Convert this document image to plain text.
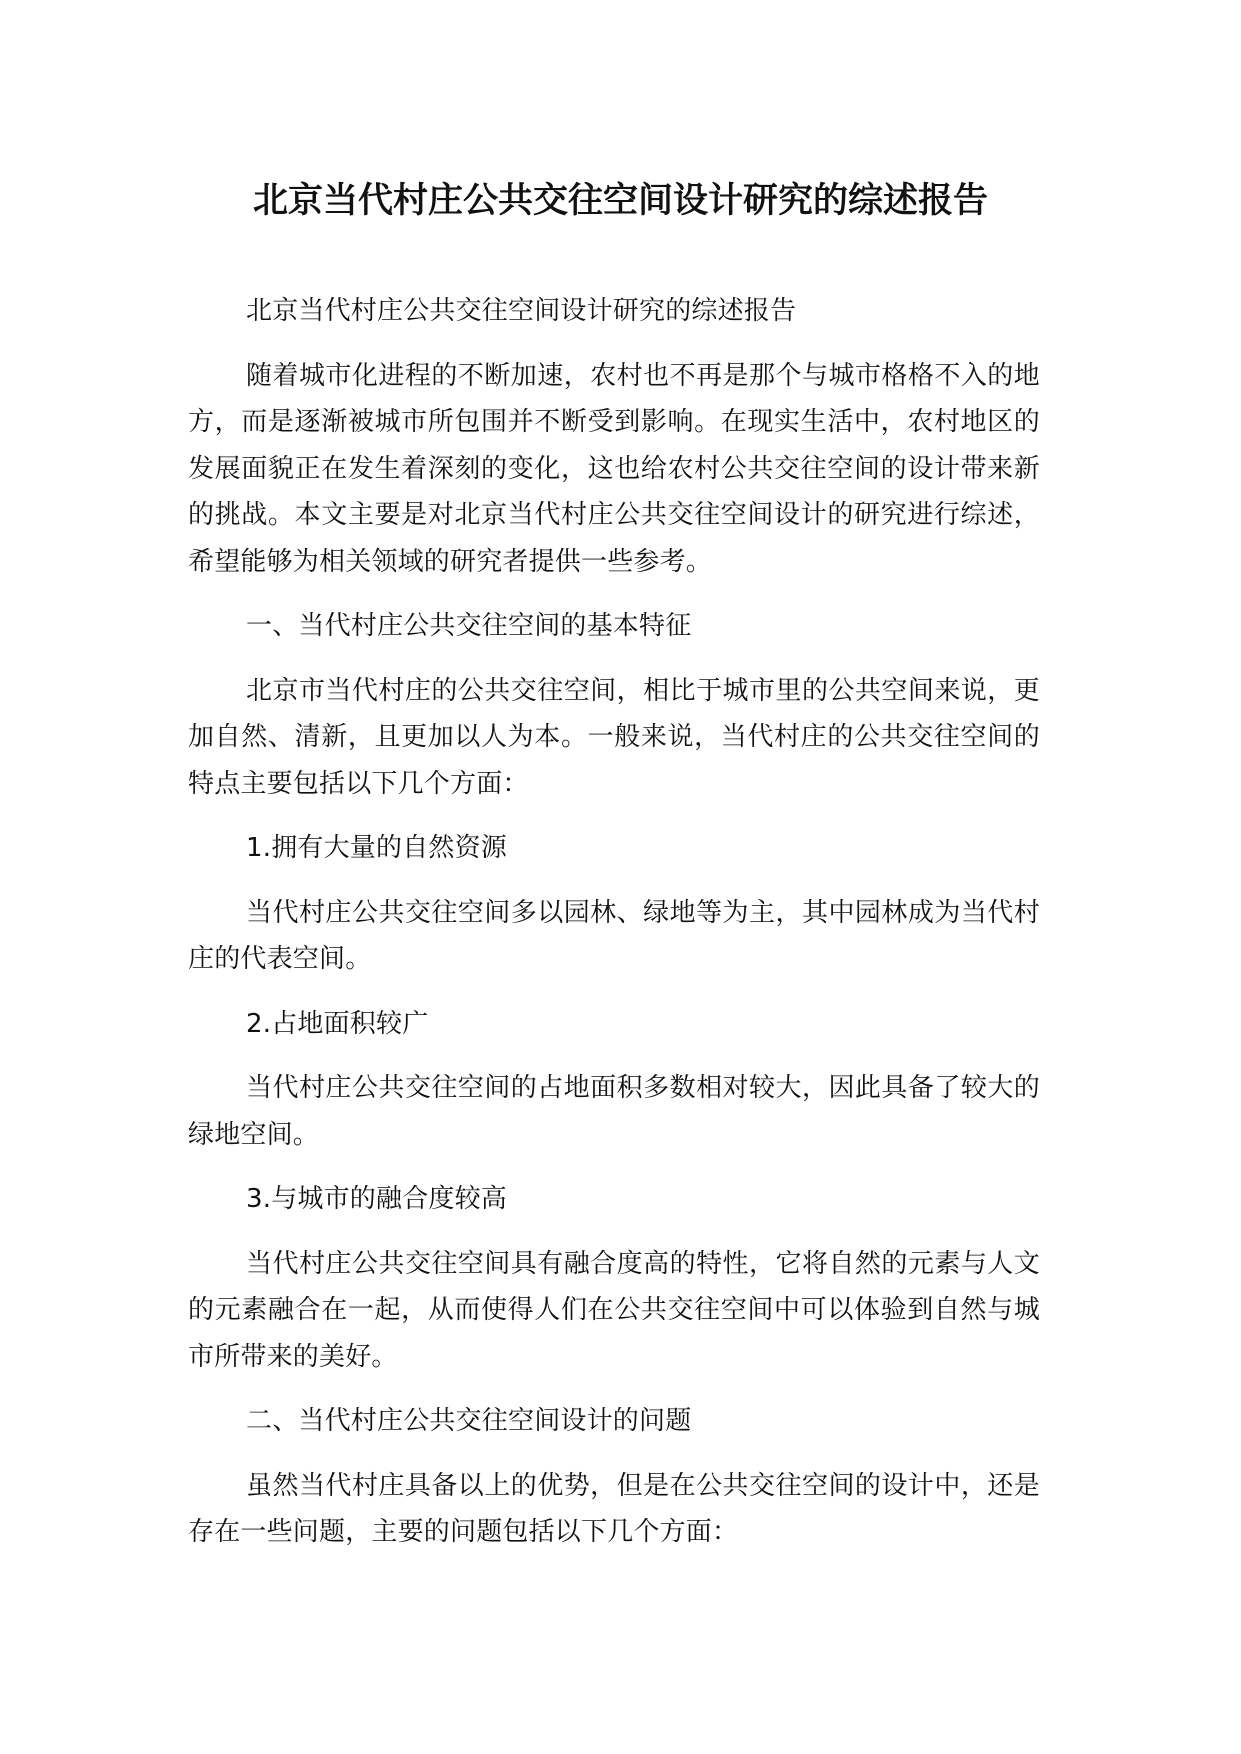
北京当代村庄公共交往空间设计研究的综述报告

北京当代村庄公共交往空间设计研究的综述报告

随着城市化进程的不断加速，农村也不再是那个与城市格格不入的地方，而是逐渐被城市所包围并不断受到影响。在现实生活中，农村地区的发展面貌正在发生着深刻的变化，这也给农村公共交往空间的设计带来新的挑战。本文主要是对北京当代村庄公共交往空间设计的研究进行综述，希望能够为相关领域的研究者提供一些参考。

一、当代村庄公共交往空间的基本特征

北京市当代村庄的公共交往空间，相比于城市里的公共空间来说，更加自然、清新，且更加以人为本。一般来说，当代村庄的公共交往空间的特点主要包括以下几个方面：

1.拥有大量的自然资源

当代村庄公共交往空间多以园林、绿地等为主，其中园林成为当代村庄的代表空间。

2.占地面积较广

当代村庄公共交往空间的占地面积多数相对较大，因此具备了较大的绿地空间。

3.与城市的融合度较高

当代村庄公共交往空间具有融合度高的特性，它将自然的元素与人文的元素融合在一起，从而使得人们在公共交往空间中可以体验到自然与城市所带来的美好。

二、当代村庄公共交往空间设计的问题

虽然当代村庄具备以上的优势，但是在公共交往空间的设计中，还是存在一些问题，主要的问题包括以下几个方面：
